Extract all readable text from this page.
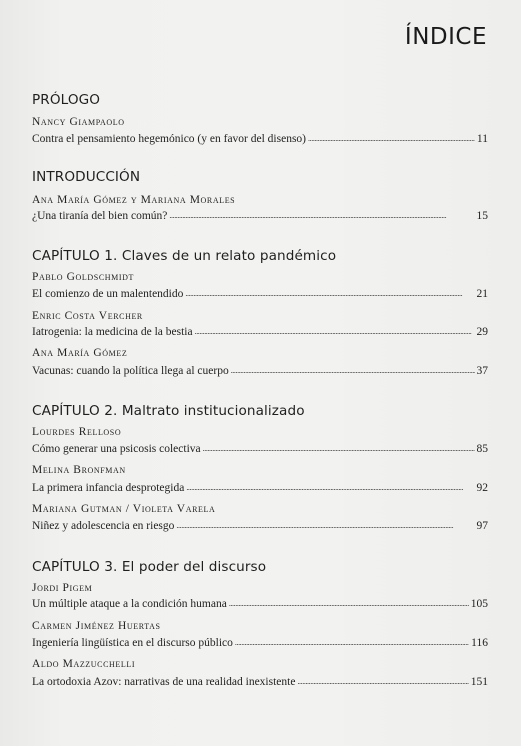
ÍNDICE
PRÓLOGO
Nancy Giampaolo
Contra el pensamiento hegemónico (y en favor del disenso) . . .	11
INTRODUCCIÓN
Ana María Gómez y Mariana Morales
¿Una tiranía del bien común? . . .	15
CAPÍTULO 1. Claves de un relato pandémico
Pablo Goldschmidt
El comienzo de un malentendido . . .	21
Enric Costa Vercher
Iatrogenia: la medicina de la bestia . . .	29
Ana María Gómez
Vacunas: cuando la política llega al cuerpo . . .	37
CAPÍTULO 2. Maltrato institucionalizado
Lourdes Relloso
Cómo generar una psicosis colectiva . . .	85
Melina Bronfman
La primera infancia desprotegida . . .	92
Mariana Gutman / Violeta Varela
Niñez y adolescencia en riesgo . . .	97
CAPÍTULO 3. El poder del discurso
Jordi Pigem
Un múltiple ataque a la condición humana . . .	105
Carmen Jiménez Huertas
Ingeniería lingüística en el discurso público . . .	116
Aldo Mazzucchelli
La ortodoxia Azov: narrativas de una realidad inexistente . . .	151
